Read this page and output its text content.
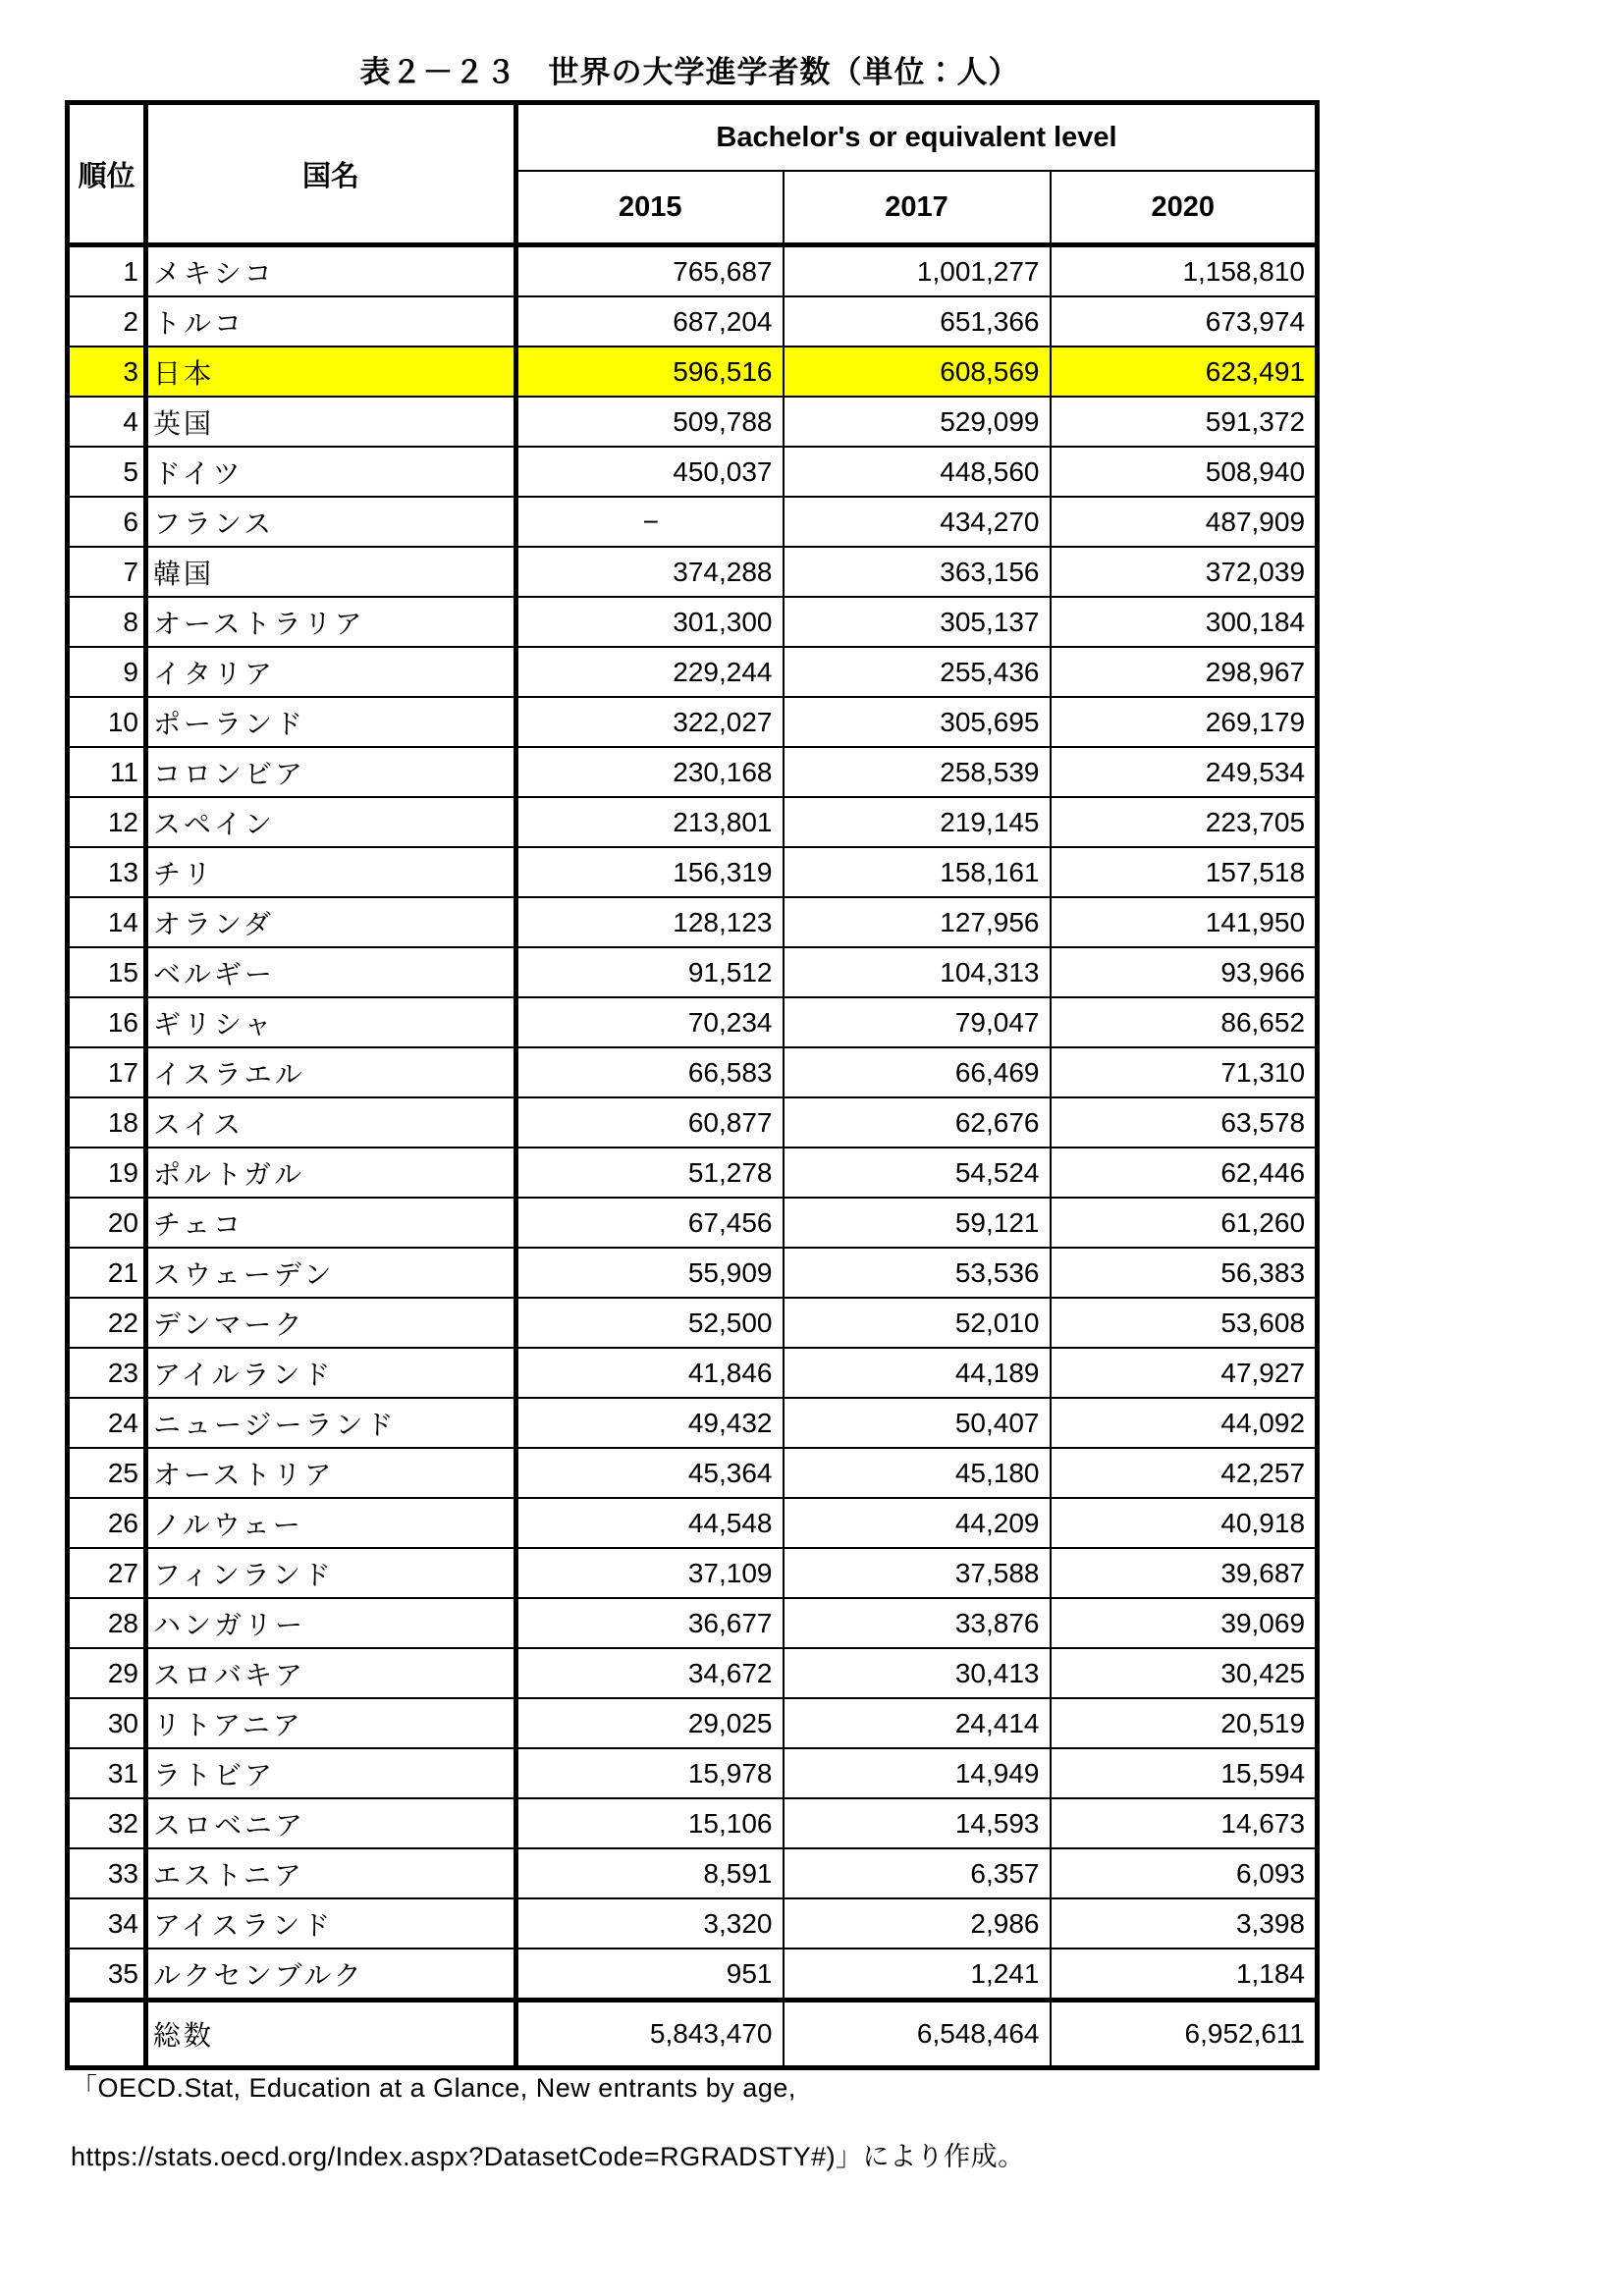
表２－２３　世界の大学進学者数（単位：人）
順位	国名	Bachelor's or equivalent level		
		2015	2017	2020
1	メキシコ	765,687	1,001,277	1,158,810
2	トルコ	687,204	651,366	673,974
3	日本	596,516	608,569	623,491
4	英国	509,788	529,099	591,372
5	ドイツ	450,037	448,560	508,940
6	フランス	−	434,270	487,909
7	韓国	374,288	363,156	372,039
8	オーストラリア	301,300	305,137	300,184
9	イタリア	229,244	255,436	298,967
10	ポーランド	322,027	305,695	269,179
11	コロンビア	230,168	258,539	249,534
12	スペイン	213,801	219,145	223,705
13	チリ	156,319	158,161	157,518
14	オランダ	128,123	127,956	141,950
15	ベルギー	91,512	104,313	93,966
16	ギリシャ	70,234	79,047	86,652
17	イスラエル	66,583	66,469	71,310
18	スイス	60,877	62,676	63,578
19	ポルトガル	51,278	54,524	62,446
20	チェコ	67,456	59,121	61,260
21	スウェーデン	55,909	53,536	56,383
22	デンマーク	52,500	52,010	53,608
23	アイルランド	41,846	44,189	47,927
24	ニュージーランド	49,432	50,407	44,092
25	オーストリア	45,364	45,180	42,257
26	ノルウェー	44,548	44,209	40,918
27	フィンランド	37,109	37,588	39,687
28	ハンガリー	36,677	33,876	39,069
29	スロバキア	34,672	30,413	30,425
30	リトアニア	29,025	24,414	20,519
31	ラトビア	15,978	14,949	15,594
32	スロベニア	15,106	14,593	14,673
33	エストニア	8,591	6,357	6,093
34	アイスランド	3,320	2,986	3,398
35	ルクセンブルク	951	1,241	1,184
	総数	5,843,470	6,548,464	6,952,611

「OECD.Stat, Education at a Glance, New entrants by age,
https://stats.oecd.org/Index.aspx?DatasetCode=RGRADSTY#)」により作成。
